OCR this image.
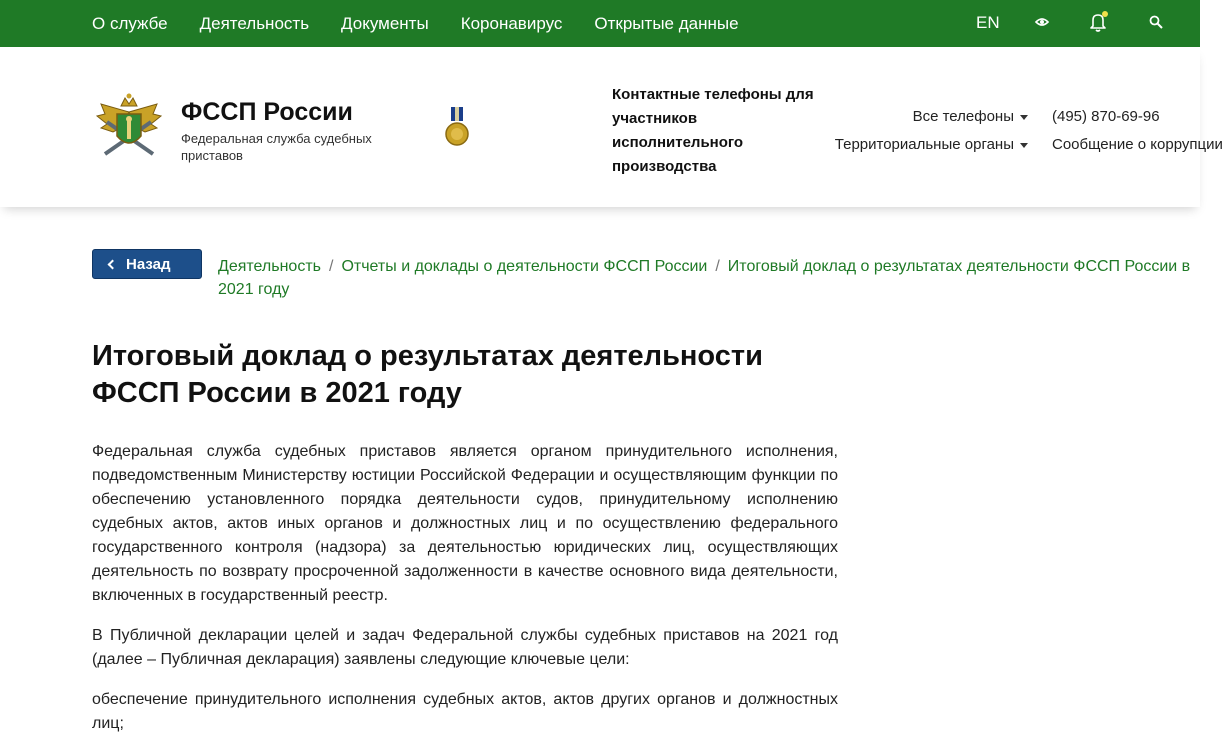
О службе Деятельность Документы Коронавирус Открытые данные	EN
ФССП России
Федеральная служба судебных приставов
Контактные телефоны для участников исполнительного производства
Все телефоны
Территориальные органы
(495) 870-69-96
Сообщение о коррупции
Назад	Деятельность / Отчеты и доклады о деятельности ФССП России / Итоговый доклад о результатах деятельности ФССП России в 2021 году
Итоговый доклад о результатах деятельности ФССП России в 2021 году

Федеральная служба судебных приставов является органом принудительного исполнения, подведомственным Министерству юстиции Российской Федерации и осуществляющим функции по обеспечению установленного порядка деятельности судов, принудительному исполнению судебных актов, актов иных органов и должностных лиц и по осуществлению федерального государственного контроля (надзора) за деятельностью юридических лиц, осуществляющих деятельность по возврату просроченной задолженности в качестве основного вида деятельности, включенных в государственный реестр.

В Публичной декларации целей и задач Федеральной службы судебных приставов на 2021 год (далее – Публичная декларация) заявлены следующие ключевые цели:

обеспечение принудительного исполнения судебных актов, актов других органов и должностных лиц;
